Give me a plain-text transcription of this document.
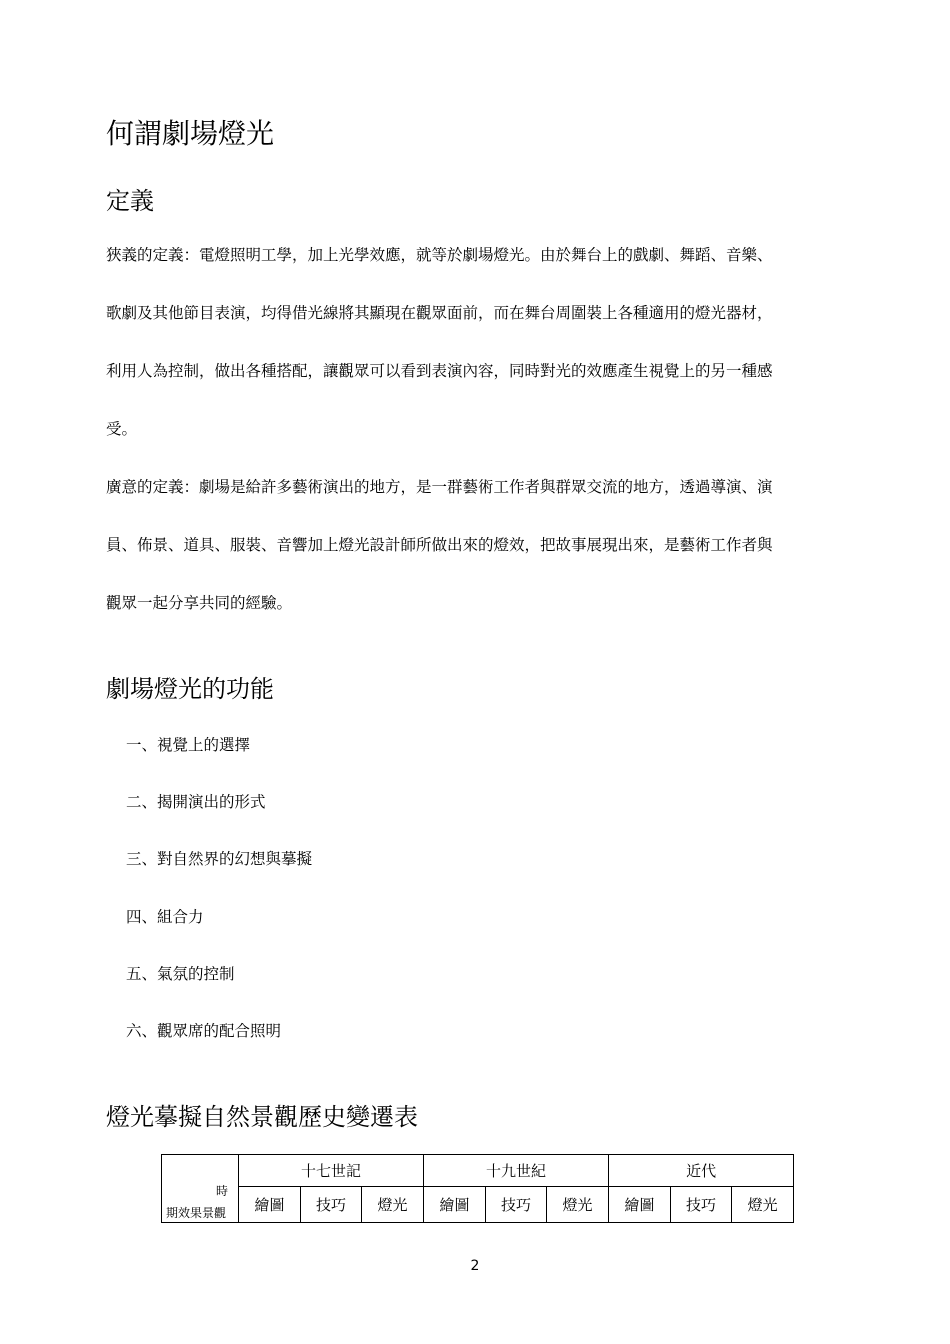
何謂劇場燈光
定義

狹義的定義：電燈照明工學，加上光學效應，就等於劇場燈光。由於舞台上的戲劇、舞蹈、音樂、

歌劇及其他節目表演，均得借光線將其顯現在觀眾面前，而在舞台周圍裝上各種適用的燈光器材，

利用人為控制，做出各種搭配，讓觀眾可以看到表演內容，同時對光的效應產生視覺上的另一種感

受。

廣意的定義：劇場是給許多藝術演出的地方，是一群藝術工作者與群眾交流的地方，透過導演、演

員、佈景、道具、服裝、音響加上燈光設計師所做出來的燈效，把故事展現出來，是藝術工作者與

觀眾一起分享共同的經驗。

劇場燈光的功能
一、視覺上的選擇
二、揭開演出的形式
三、對自然界的幻想與摹擬
四、組合力
五、氣氛的控制
六、觀眾席的配合照明
燈光摹擬自然景觀歷史變遷表
時
期效果景觀	十七世記			十九世紀			近代		
	繪圖	技巧	燈光	繪圖	技巧	燈光	繪圖	技巧	燈光
2
